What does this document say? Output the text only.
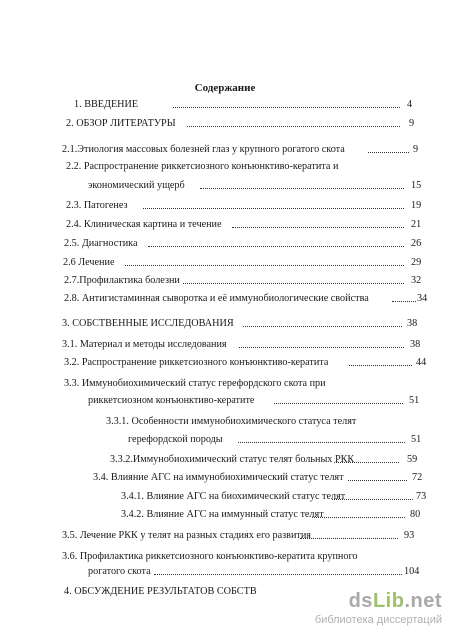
Содержание
1. ВВЕДЕНИЕ	4
2. ОБЗОР ЛИТЕРАТУРЫ	9
2.1.Этиология массовых болезней глаз у крупного рогатого скота	9
2.2. Распространение риккетсиозного конъюнктиво-кератита и
экономический ущерб	15
2.3. Патогенез	19
2.4. Клиническая картина и течение	21
2.5. Диагностика	26
2.6 Лечение	29
2.7.Профилактика болезни	32
2.8. Антигистаминная сыворотка и её иммунобиологические свойства	34
3. СОБСТВЕННЫЕ ИССЛЕДОВАНИЯ	38
3.1. Материал и методы исследования	38
3.2. Распространение риккетсиозного конъюнктиво-кератита	44
3.3. Иммунобиохимический статус герефордского скота при
риккетсиозном конъюнктиво-кератите	51
3.3.1. Особенности иммунобиохимического статуса телят
герефордской породы	51
3.3.2.Иммунобиохимический статус телят больных РКК	59
3.4. Влияние АГС на иммунобиохимический статус телят	72
3.4.1. Влияние АГС на биохимический статус телят	73
3.4.2. Влияние АГС на иммунный статус телят	80
3.5. Лечение РКК у телят на разных стадиях его развития	93
3.6. Профилактика риккетсиозного конъюнктиво-кератита крупного
рогатого скота	104
4. ОБСУЖДЕНИЕ РЕЗУЛЬТАТОВ СОБСТВ	dsLib.net
библиотека диссертаций
